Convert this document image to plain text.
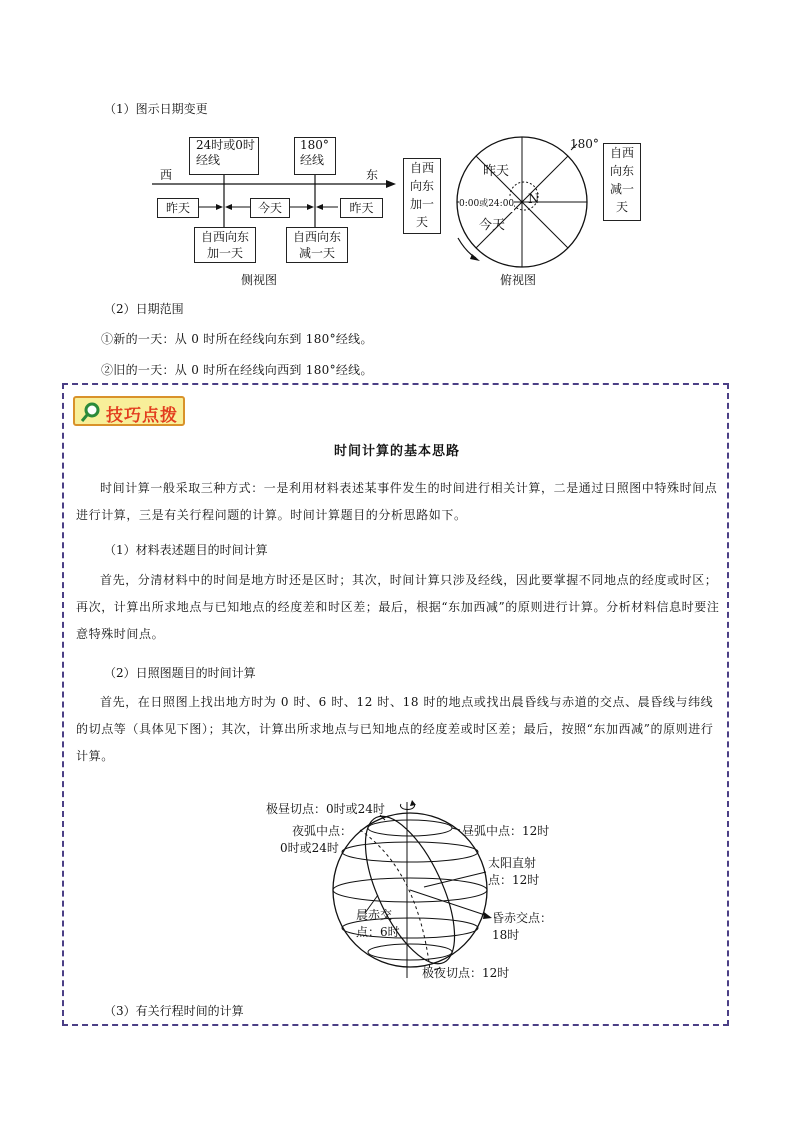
（1）图示日期变更
24时或0时
经线
180°
经线
西	东
昨天	今天	昨天
自西向东
加一天
自西向东
减一天
侧视图
自西
向东
加一
天
自西
向东
减一
天
180°
昨天
今天
0:00或24:00 N
俯视图
（2）日期范围
①新的一天：从 0 时所在经线向东到 180°经线。
②旧的一天：从 0 时所在经线向西到 180°经线。
技巧点拨
时间计算的基本思路
时间计算一般采取三种方式：一是利用材料表述某事件发生的时间进行相关计算，二是通过日照图中特殊时间点进行计算，三是有关行程问题的计算。时间计算题目的分析思路如下。
（1）材料表述题目的时间计算
首先，分清材料中的时间是地方时还是区时；其次，时间计算只涉及经线，因此要掌握不同地点的经度或时区；再次，计算出所求地点与已知地点的经度差和时区差；最后，根据“东加西减”的原则进行计算。分析材料信息时要注意特殊时间点。
（2）日照图题目的时间计算
首先，在日照图上找出地方时为 0 时、6 时、12 时、18 时的地点或找出晨昏线与赤道的交点、晨昏线与纬线的切点等（具体见下图）；其次，计算出所求地点与已知地点的经度差或时区差；最后，按照“东加西减”的原则进行计算。
极昼切点：0时或24时
夜弧中点：
0时或24时
昼弧中点：12时
太阳直射
点：12时
晨赤交
点：6时
昏赤交点：
18时
极夜切点：12时
（3）有关行程时间的计算
